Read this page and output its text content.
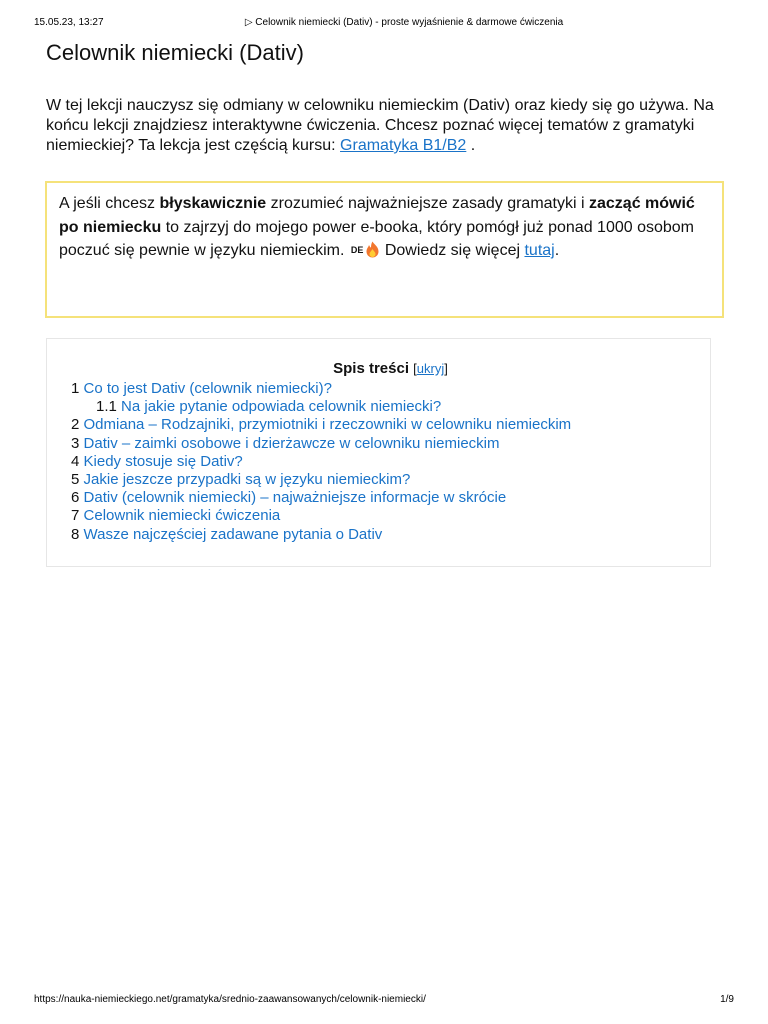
15.05.23, 13:27	▷ Celownik niemiecki (Dativ) - proste wyjaśnienie & darmowe ćwiczenia
Celownik niemiecki (Dativ)

W tej lekcji nauczysz się odmiany w celowniku niemieckim (Dativ) oraz kiedy się go używa. Na końcu lekcji znajdziesz interaktywne ćwiczenia. Chcesz poznać więcej tematów z gramatyki niemieckiej? Ta lekcja jest częścią kursu: Gramatyka B1/B2 .

A jeśli chcesz błyskawicznie zrozumieć najważniejsze zasady gramatyki i zacząć mówić po niemiecku to zajrzyj do mojego power e-booka, który pomógł już ponad 1000 osobom poczuć się pewnie w języku niemieckim. DE Dowiedz się więcej tutaj.
Spis treści [ukryj]
1 Co to jest Dativ (celownik niemiecki)?
1.1 Na jakie pytanie odpowiada celownik niemiecki?
2 Odmiana – Rodzajniki, przymiotniki i rzeczowniki w celowniku niemieckim
3 Dativ – zaimki osobowe i dzierżawcze w celowniku niemieckim
4 Kiedy stosuje się Dativ?
5 Jakie jeszcze przypadki są w języku niemieckim?
6 Dativ (celownik niemiecki) – najważniejsze informacje w skrócie
7 Celownik niemiecki ćwiczenia
8 Wasze najczęściej zadawane pytania o Dativ
https://nauka-niemieckiego.net/gramatyka/srednio-zaawansowanych/celownik-niemiecki/	1/9
